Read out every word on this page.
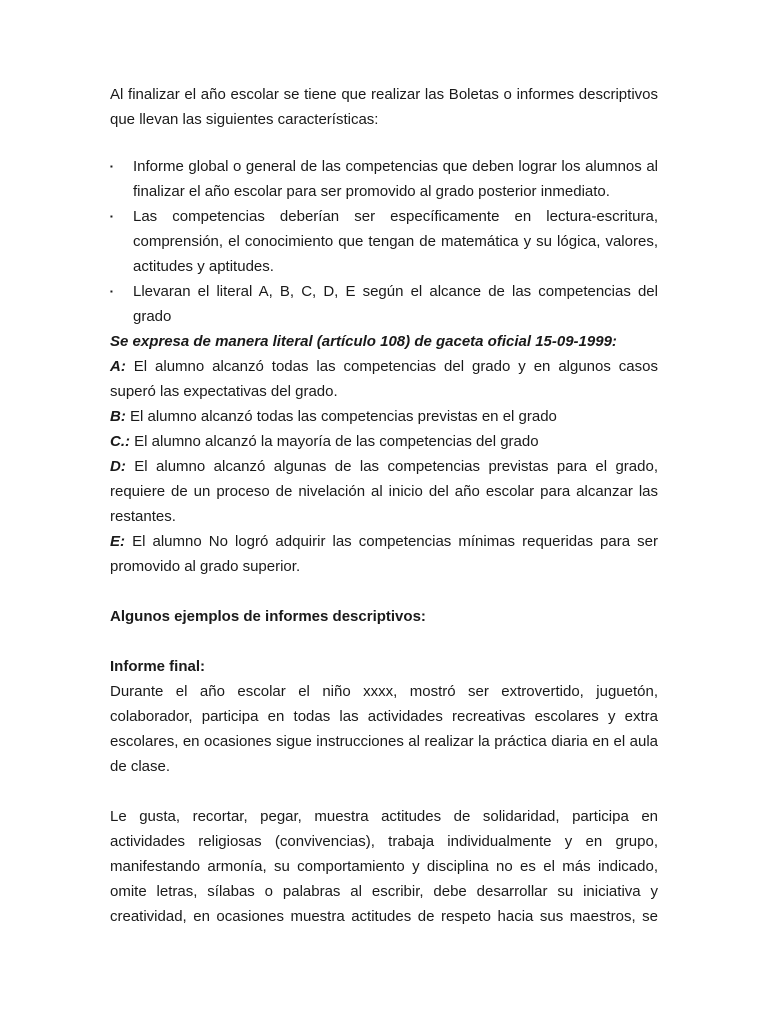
Al finalizar el año escolar se tiene que realizar las Boletas o informes descriptivos que llevan las siguientes características:

▪ Informe global o general de las competencias que deben lograr los alumnos al finalizar el año escolar para ser promovido al grado posterior inmediato.
▪ Las competencias deberían ser específicamente en lectura-escritura, comprensión, el conocimiento que tengan de matemática y su lógica, valores, actitudes y aptitudes.
▪ Llevaran el literal A, B, C, D, E según el alcance de las competencias del grado

Se expresa de manera literal (artículo 108) de gaceta oficial 15-09-1999:

A: El alumno alcanzó todas las competencias del grado y en algunos casos superó las expectativas del grado.

B: El alumno alcanzó todas las competencias previstas en el grado

C.: El alumno alcanzó la mayoría de las competencias del grado

D: El alumno alcanzó algunas de las competencias previstas para el grado, requiere de un proceso de nivelación al inicio del año escolar para alcanzar las restantes.

E: El alumno No logró adquirir las competencias mínimas requeridas para ser promovido al grado superior.

Algunos ejemplos de informes descriptivos:

Informe final:

Durante el año escolar el niño xxxx, mostró ser extrovertido, juguetón, colaborador, participa en todas las actividades recreativas escolares y extra escolares, en ocasiones sigue instrucciones al realizar la práctica diaria en el aula de clase.

Le gusta, recortar, pegar, muestra actitudes de solidaridad, participa en actividades religiosas (convivencias), trabaja individualmente y en grupo, manifestando armonía, su comportamiento y disciplina no es el más indicado, omite letras, sílabas o palabras al escribir, debe desarrollar su iniciativa y creatividad, en ocasiones muestra actitudes de respeto hacia sus maestros, se
